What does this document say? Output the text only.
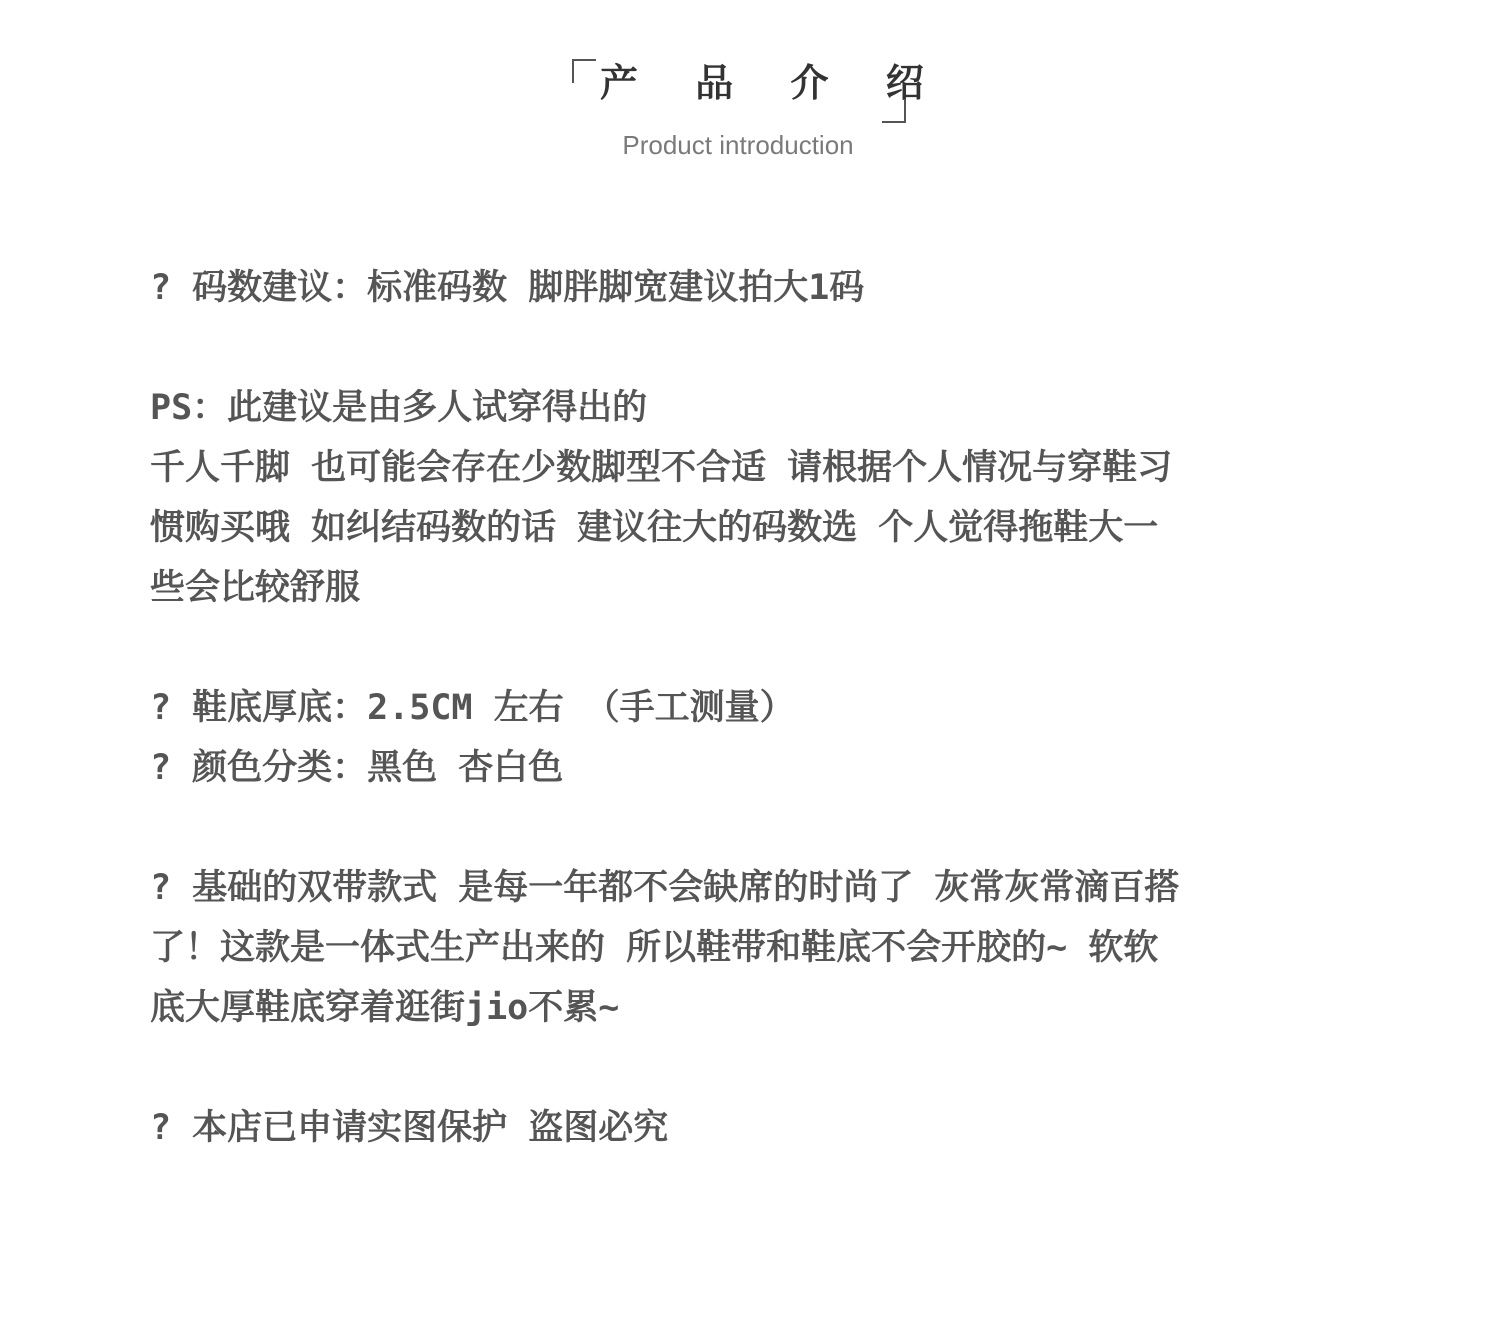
产 品 介 绍
Product introduction
? 码数建议：标准码数 脚胖脚宽建议拍大1码
PS：此建议是由多人试穿得出的
千人千脚 也可能会存在少数脚型不合适 请根据个人情况与穿鞋习
惯购买哦 如纠结码数的话 建议往大的码数选 个人觉得拖鞋大一
些会比较舒服
? 鞋底厚底：2.5CM 左右 （手工测量）
? 颜色分类：黑色 杏白色
? 基础的双带款式 是每一年都不会缺席的时尚了 灰常灰常滴百搭
了！这款是一体式生产出来的 所以鞋带和鞋底不会开胶的~ 软软
底大厚鞋底穿着逛街jio不累~
? 本店已申请实图保护 盗图必究
